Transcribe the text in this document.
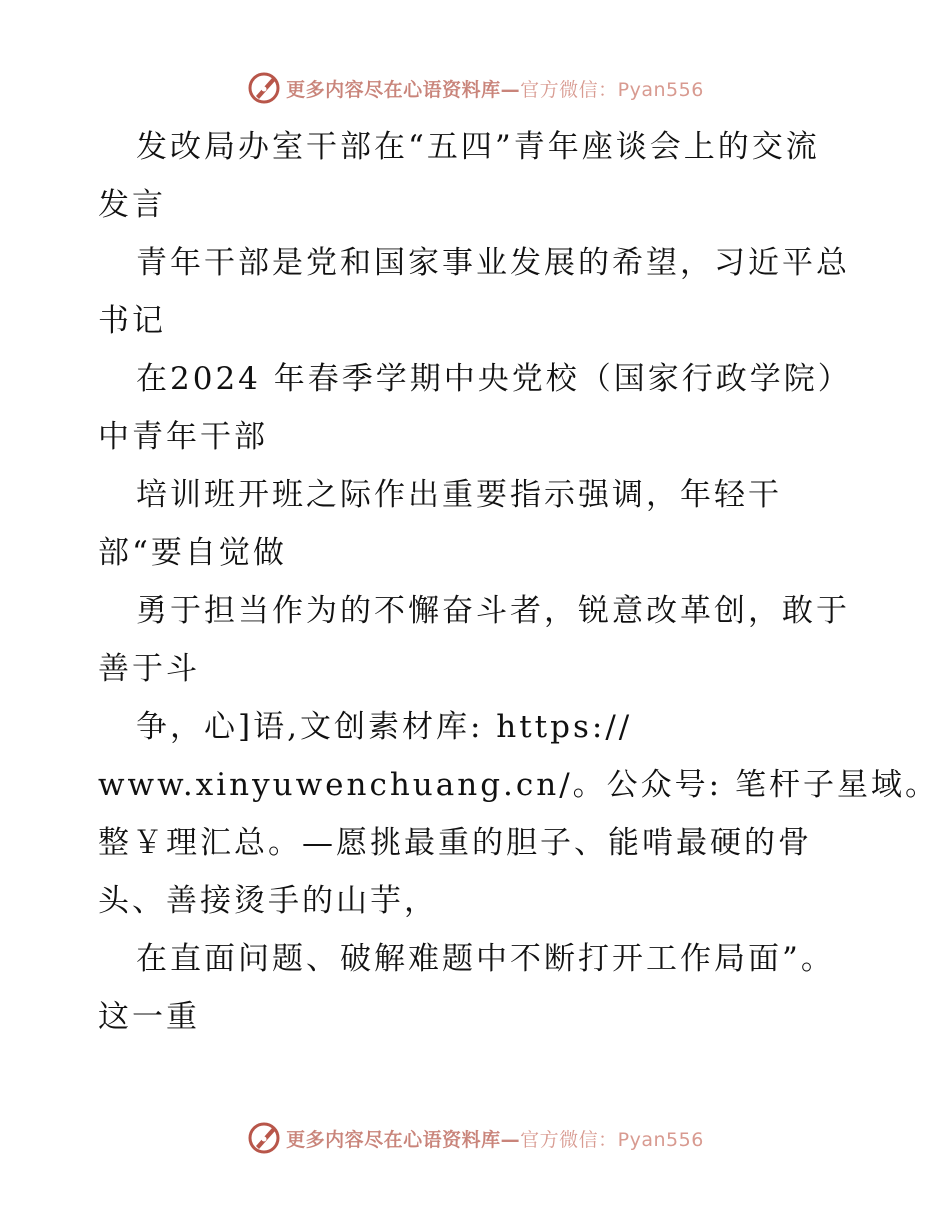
更多内容尽在心语资料库—官方微信：Pyan556
发改局办室干部在“五四”青年座谈会上的交流
发言
青年干部是党和国家事业发展的希望，习近平总
书记
在2024 年春季学期中央党校（国家行政学院）
中青年干部
培训班开班之际作出重要指示强调，年轻干
部“要自觉做
勇于担当作为的不懈奋斗者，锐意改革创，敢于
善于斗
争，心]语,文创素材库: https://
www.xinyuwenchuang.cn/。公众号: 笔杆子星域。
整￥理汇总。—愿挑最重的胆子、能啃最硬的骨
头、善接烫手的山芋，
在直面问题、破解难题中不断打开工作局面”。
这一重
更多内容尽在心语资料库—官方微信：Pyan556
